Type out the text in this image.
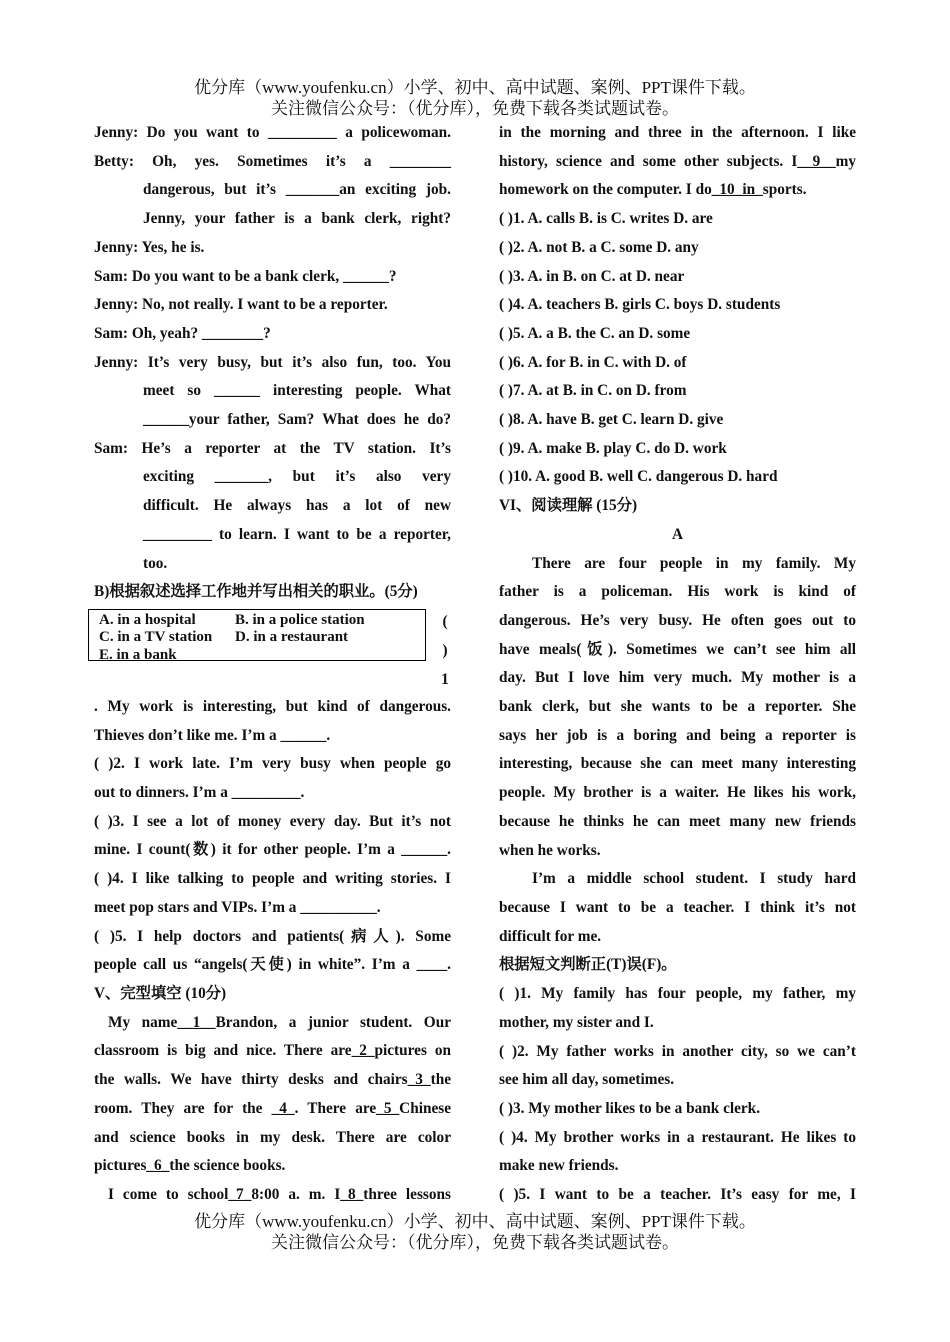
优分库（www.youfenku.cn）小学、初中、高中试题、案例、PPT课件下载。
关注微信公众号：（优分库），免费下载各类试题试卷。

Jenny: Do you want to _________ a policewoman.

Betty: Oh, yes. Sometimes it’s a ________

dangerous, but it’s _______an exciting job.

Jenny, your father is a bank clerk, right?

Jenny: Yes, he is.

Sam: Do you want to be a bank clerk, ______?

Jenny: No, not really. I want to be a reporter.

Sam: Oh, yeah? ________?

Jenny: It’s very busy, but it’s also fun, too. You

meet so ______ interesting people. What

______your father, Sam? What does he do?

Sam: He’s a reporter at the TV station. It’s

exciting _______, but it’s also very

difficult. He always has a lot of new

_________ to learn. I want to be a reporter,

too.

B)根据叙述选择工作地并写出相关的职业。(5分)

A. in a hospital	B. in a police station
C. in a TV station D. in a restaurant
E. in a bank
(
)
1

. My work is interesting, but kind of dangerous.

Thieves don’t like me. I’m a ______.

( )2. I work late. I’m very busy when people go

out to dinners. I’m a _________.

( )3. I see a lot of money every day. But it’s not

mine. I count(数) it for other people. I’m a ______.

( )4. I like talking to people and writing stories. I

meet pop stars and VIPs. I’m a __________.

( )5. I help doctors and patients(病人). Some

people call us “angels(天使) in white”. I’m a ____.

V、完型填空 (10分)

My name__1__Brandon, a junior student. Our

classroom is big and nice. There are_2_pictures on

the walls. We have thirty desks and chairs_3_the

room. They are for the _4_. There are_5_Chinese

and science books in my desk. There are color

pictures_6_the science books.

I come to school_7_8:00 a. m. I_8_three lessons

in the morning and three in the afternoon. I like

history, science and some other subjects. I__9__my

homework on the computer. I do_10_in_sports.

( )1. A. calls B. is C. writes D. are

( )2. A. not B. a C. some D. any

( )3. A. in B. on C. at D. near

( )4. A. teachers B. girls C. boys D. students

( )5. A. a B. the C. an D. some

( )6. A. for B. in C. with D. of

( )7. A. at B. in C. on D. from

( )8. A. have B. get C. learn D. give

( )9. A. make B. play C. do D. work

( )10. A. good B. well C. dangerous D. hard

VI、阅读理解 (15分)

A

There are four people in my family. My

father is a policeman. His work is kind of

dangerous. He’s very busy. He often goes out to

have meals(饭). Sometimes we can’t see him all

day. But I love him very much. My mother is a

bank clerk, but she wants to be a reporter. She

says her job is a boring and being a reporter is

interesting, because she can meet many interesting

people. My brother is a waiter. He likes his work,

because he thinks he can meet many new friends

when he works.

I’m a middle school student. I study hard

because I want to be a teacher. I think it’s not

difficult for me.

根据短文判断正(T)误(F)。

( )1. My family has four people, my father, my

mother, my sister and I.

( )2. My father works in another city, so we can’t

see him all day, sometimes.

( )3. My mother likes to be a bank clerk.

( )4. My brother works in a restaurant. He likes to

make new friends.

( )5. I want to be a teacher. It’s easy for me, I

优分库（www.youfenku.cn）小学、初中、高中试题、案例、PPT课件下载。
关注微信公众号：（优分库），免费下载各类试题试卷。
